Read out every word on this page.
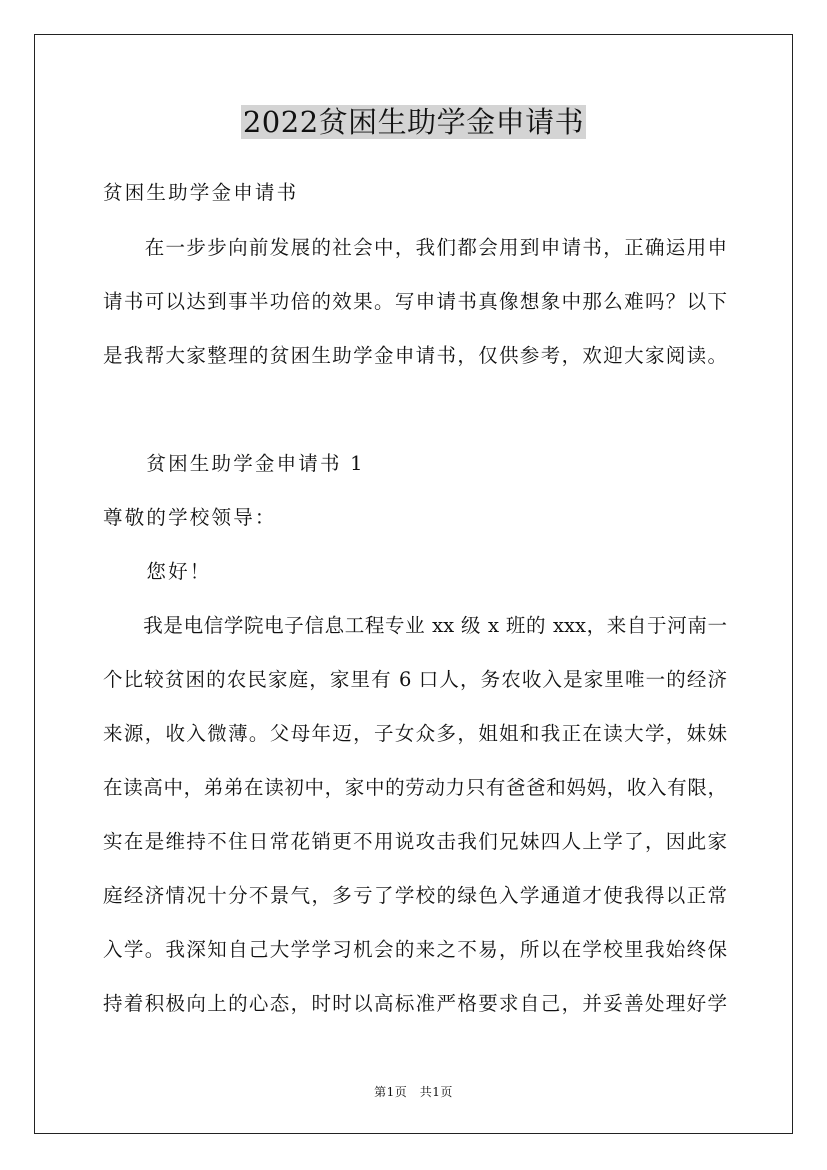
2022贫困生助学金申请书
贫困生助学金申请书
　　在一步步向前发展的社会中，我们都会用到申请书，正确运用申
请书可以达到事半功倍的效果。写申请书真像想象中那么难吗？以下
是我帮大家整理的贫困生助学金申请书，仅供参考，欢迎大家阅读。
　　贫困生助学金申请书 1
尊敬的学校领导：
　　您好！
　　我是电信学院电子信息工程专业 xx 级 x 班的 xxx，来自于河南一
个比较贫困的农民家庭，家里有 6 口人，务农收入是家里唯一的经济
来源，收入微薄。父母年迈，子女众多，姐姐和我正在读大学，妹妹
在读高中，弟弟在读初中，家中的劳动力只有爸爸和妈妈，收入有限，
实在是维持不住日常花销更不用说攻击我们兄妹四人上学了，因此家
庭经济情况十分不景气，多亏了学校的绿色入学通道才使我得以正常
入学。我深知自己大学学习机会的来之不易，所以在学校里我始终保
持着积极向上的心态，时时以高标准严格要求自己，并妥善处理好学
第1页　共1页
